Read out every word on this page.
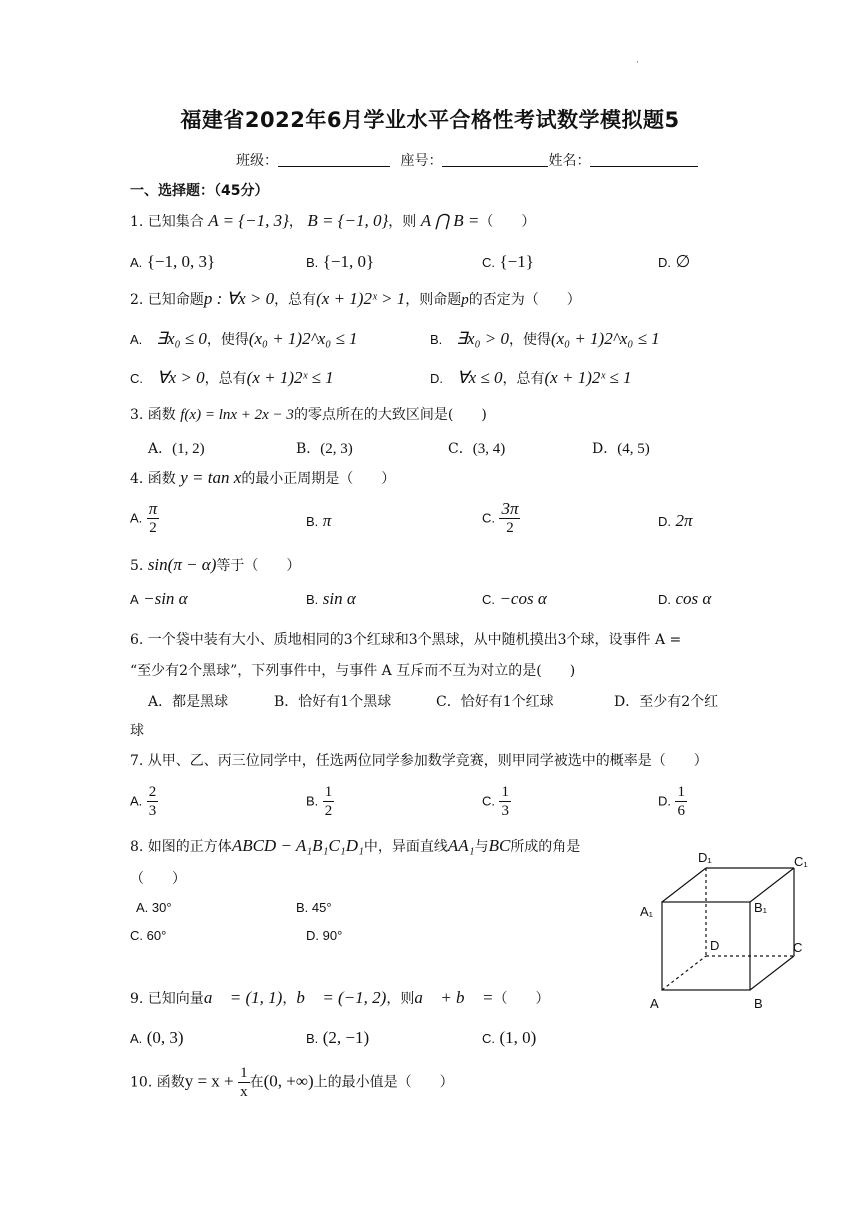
·
福建省2022年6月学业水平合格性考试数学模拟题5
班级：	座号：	姓名：
一、选择题：（45分）
1. 已知集合 A = {−1, 3}， B = {−1, 0}，则 A ⋂ B =（　　）
A. {−1, 0, 3}	B. {−1, 0}	C. {−1}	D. ∅
2. 已知命题p : ∀x > 0，总有(x + 1)2ˣ > 1，则命题p的否定为（　　）
A.　 ∃x₀ ≤ 0，使得(x₀ + 1)2^x₀ ≤ 1	B.　 ∃x₀ > 0，使得(x₀ + 1)2^x₀ ≤ 1
C.　 ∀x > 0，总有(x + 1)2ˣ ≤ 1	D.　 ∀x ≤ 0，总有(x + 1)2ˣ ≤ 1
3. 函数 f(x) = lnx + 2x − 3的零点所在的大致区间是(　　)
A．(1, 2)	B．(2, 3)	C．(3, 4)	D．(4, 5)
4. 函数 y = tan x的最小正周期是（　　）
A. $\frac{\pi}{2}$	B. π	C. $\frac{3\pi}{2}$	D. 2π
5. sin(π − α)等于（　　）
A −sin α	B. sin α	C. −cos α	D. cos α
6. 一个袋中装有大小、质地相同的3个红球和3个黑球，从中随机摸出3个球，设事件 A =
“至少有2个黑球”，下列事件中，与事件 A 互斥而不互为对立的是(　　)
A．都是黑球	B．恰好有1个黑球	C．恰好有1个红球	D．至少有2个红
球
7. 从甲、乙、丙三位同学中，任选两位同学参加数学竞赛，则甲同学被选中的概率是（　　）
A. $\frac{2}{3}$	B. $\frac{1}{2}$	C. $\frac{1}{3}$	D. $\frac{1}{6}$
8. 如图的正方体ABCD − A₁B₁C₁D₁中，异面直线AA₁与BC所成的角是
（　　）
A. 30°	B. 45°
C. 60°	D. 90°
A	B
C
D
A₁	B₁
C₁
D₁
9. 已知向量a⃗ = (1, 1)，b⃗ = (−1, 2)，则a⃗ + b⃗ =（　　）
A. (0, 3)	B. (2, −1)	C. (1, 0)
10. 函数$y = x + \frac{1}{x}$ 在(0, +∞)上的最小值是（　　）
